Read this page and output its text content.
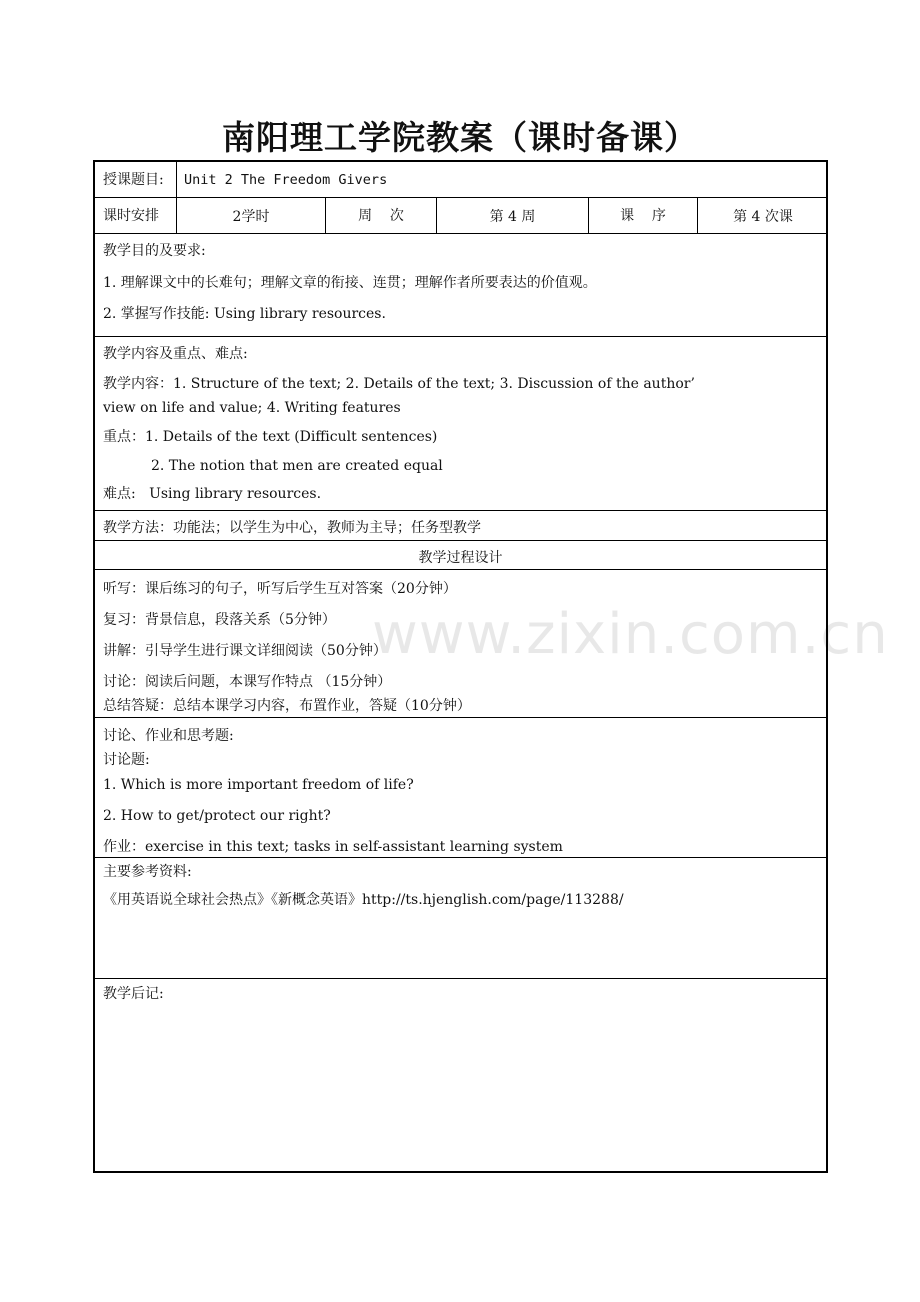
南阳理工学院教案（课时备课）
授课题目: Unit 2 The Freedom Givers
课时安排	2学时	周    次	第 4 周	课    序	第 4 次课
教学目的及要求:
1. 理解课文中的长难句；理解文章的衔接、连贯；理解作者所要表达的价值观。
2. 掌握写作技能: Using library resources.
教学内容及重点、难点:
教学内容：1. Structure of the text; 2. Details of the text; 3. Discussion of the author’
view on life and value; 4. Writing features
重点：1. Details of the text (Difficult sentences)
2. The notion that men are created equal
难点:   Using library resources.
教学方法：功能法；以学生为中心，教师为主导；任务型教学
教学过程设计
听写：课后练习的句子，听写后学生互对答案（20分钟）
复习：背景信息，段落关系（5分钟）
讲解：引导学生进行课文详细阅读（50分钟）
讨论：阅读后问题，本课写作特点 （15分钟）
总结答疑：总结本课学习内容，布置作业，答疑（10分钟）
讨论、作业和思考题:
讨论题:
1. Which is more important freedom of life?
2. How to get/protect our right?
作业：exercise in this text; tasks in self-assistant learning system
主要参考资料:
《用英语说全球社会热点》《新概念英语》http://ts.hjenglish.com/page/113288/
教学后记:
www.zixin.com.cn
